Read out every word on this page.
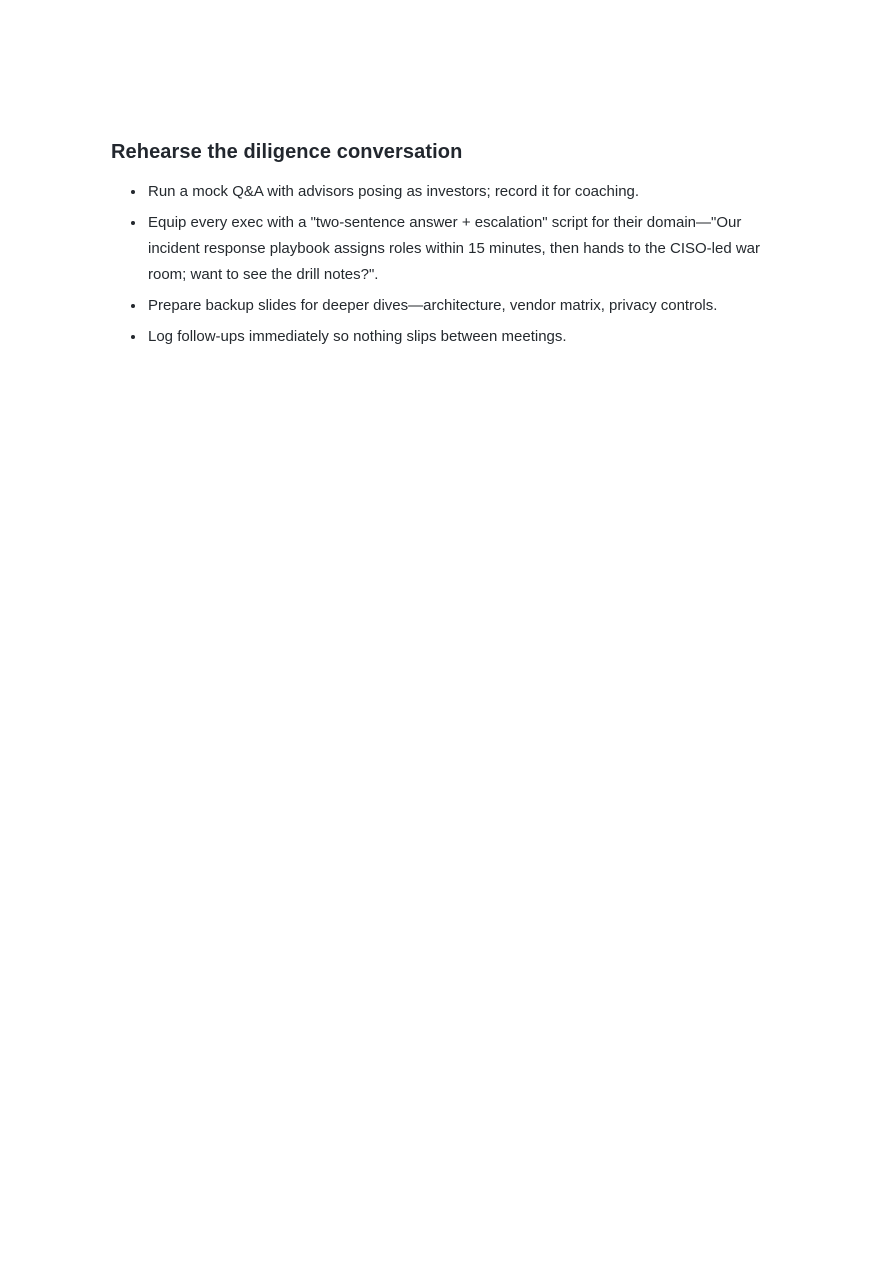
Rehearse the diligence conversation
• Run a mock Q&A with advisors posing as investors; record it for coaching.
• Equip every exec with a "two-sentence answer + escalation" script for their domain—"Our incident response playbook assigns roles within 15 minutes, then hands to the CISO-led war room; want to see the drill notes?".
• Prepare backup slides for deeper dives—architecture, vendor matrix, privacy controls.
• Log follow-ups immediately so nothing slips between meetings.
